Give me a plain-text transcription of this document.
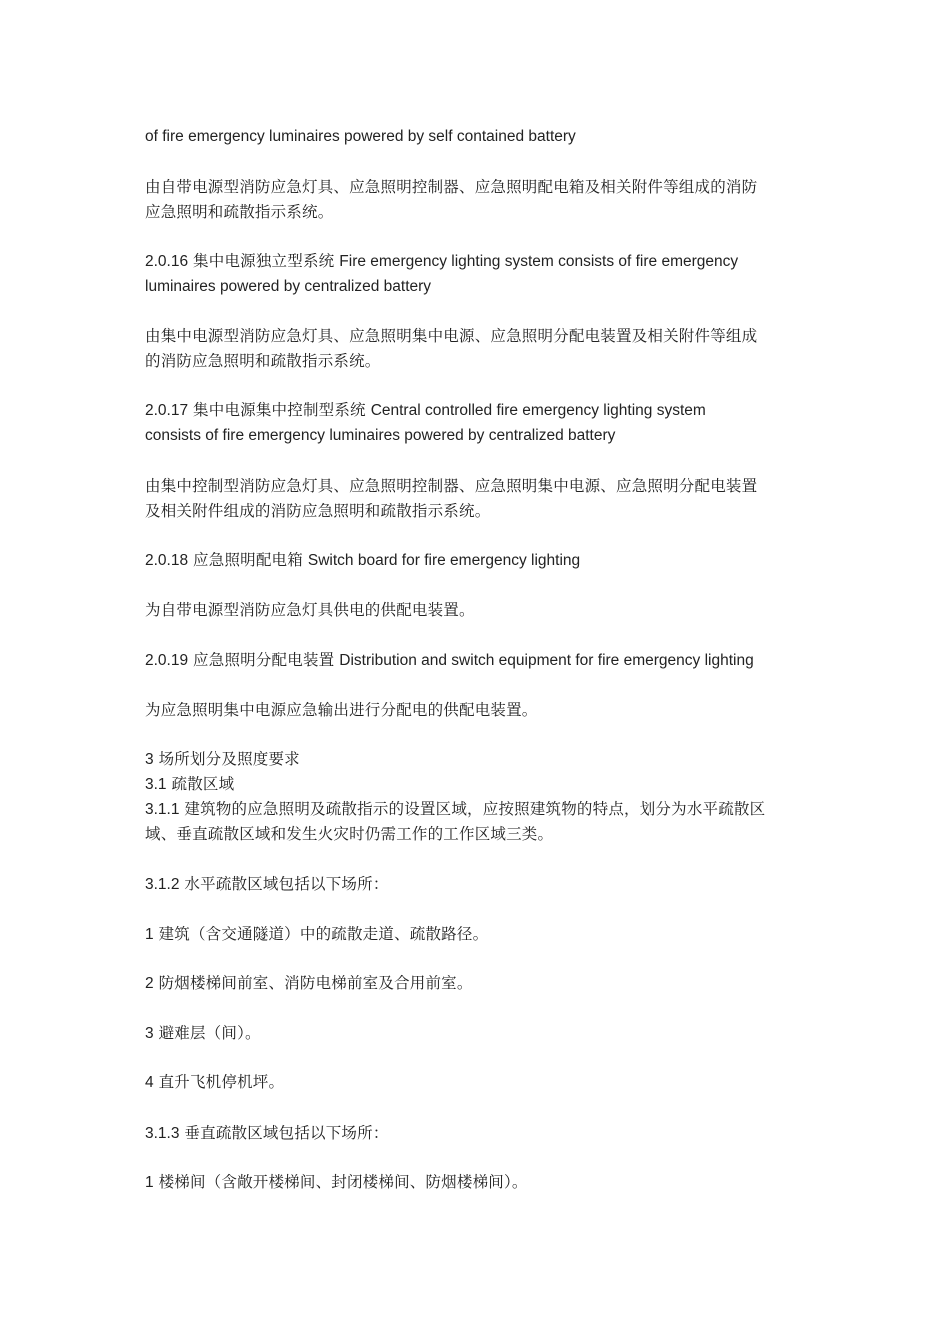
of fire emergency luminaires powered by self contained battery
由自带电源型消防应急灯具、应急照明控制器、应急照明配电箱及相关附件等组成的消防
应急照明和疏散指示系统。
2.0.16 集中电源独立型系统 Fire emergency lighting system consists of fire emergency
luminaires powered by centralized battery
由集中电源型消防应急灯具、应急照明集中电源、应急照明分配电装置及相关附件等组成
的消防应急照明和疏散指示系统。
2.0.17 集中电源集中控制型系统 Central controlled fire emergency lighting system
consists of fire emergency luminaires powered by centralized battery
由集中控制型消防应急灯具、应急照明控制器、应急照明集中电源、应急照明分配电装置
及相关附件组成的消防应急照明和疏散指示系统。
2.0.18 应急照明配电箱 Switch board for fire emergency lighting
为自带电源型消防应急灯具供电的供配电装置。
2.0.19 应急照明分配电装置 Distribution and switch equipment for fire emergency lighting
为应急照明集中电源应急输出进行分配电的供配电装置。
3 场所划分及照度要求
3.1 疏散区域
3.1.1 建筑物的应急照明及疏散指示的设置区域，应按照建筑物的特点，划分为水平疏散区
域、垂直疏散区域和发生火灾时仍需工作的工作区域三类。
3.1.2 水平疏散区域包括以下场所：
1 建筑（含交通隧道）中的疏散走道、疏散路径。
2 防烟楼梯间前室、消防电梯前室及合用前室。
3 避难层（间）。
4 直升飞机停机坪。
3.1.3 垂直疏散区域包括以下场所：
1 楼梯间（含敞开楼梯间、封闭楼梯间、防烟楼梯间）。
